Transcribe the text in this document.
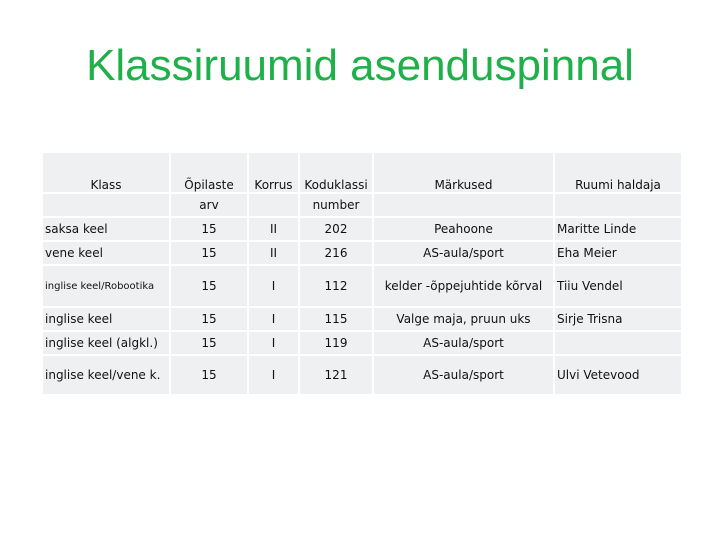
Klassiruumid asenduspinnal
Klass	Õpilaste	Korrus	Koduklassi	Märkused	Ruumi haldaja
	arv		number		
saksa keel	15	II	202	Peahoone	Maritte Linde
vene keel	15	II	216	AS-aula/sport	Eha Meier
inglise keel/Robootika	15	I	112	kelder -õppejuhtide kõrval	Tiiu Vendel
inglise keel	15	I	115	Valge maja, pruun uks	Sirje Trisna
inglise keel (algkl.)	15	I	119	AS-aula/sport	
inglise keel/vene k.	15	I	121	AS-aula/sport	Ulvi Vetevood
